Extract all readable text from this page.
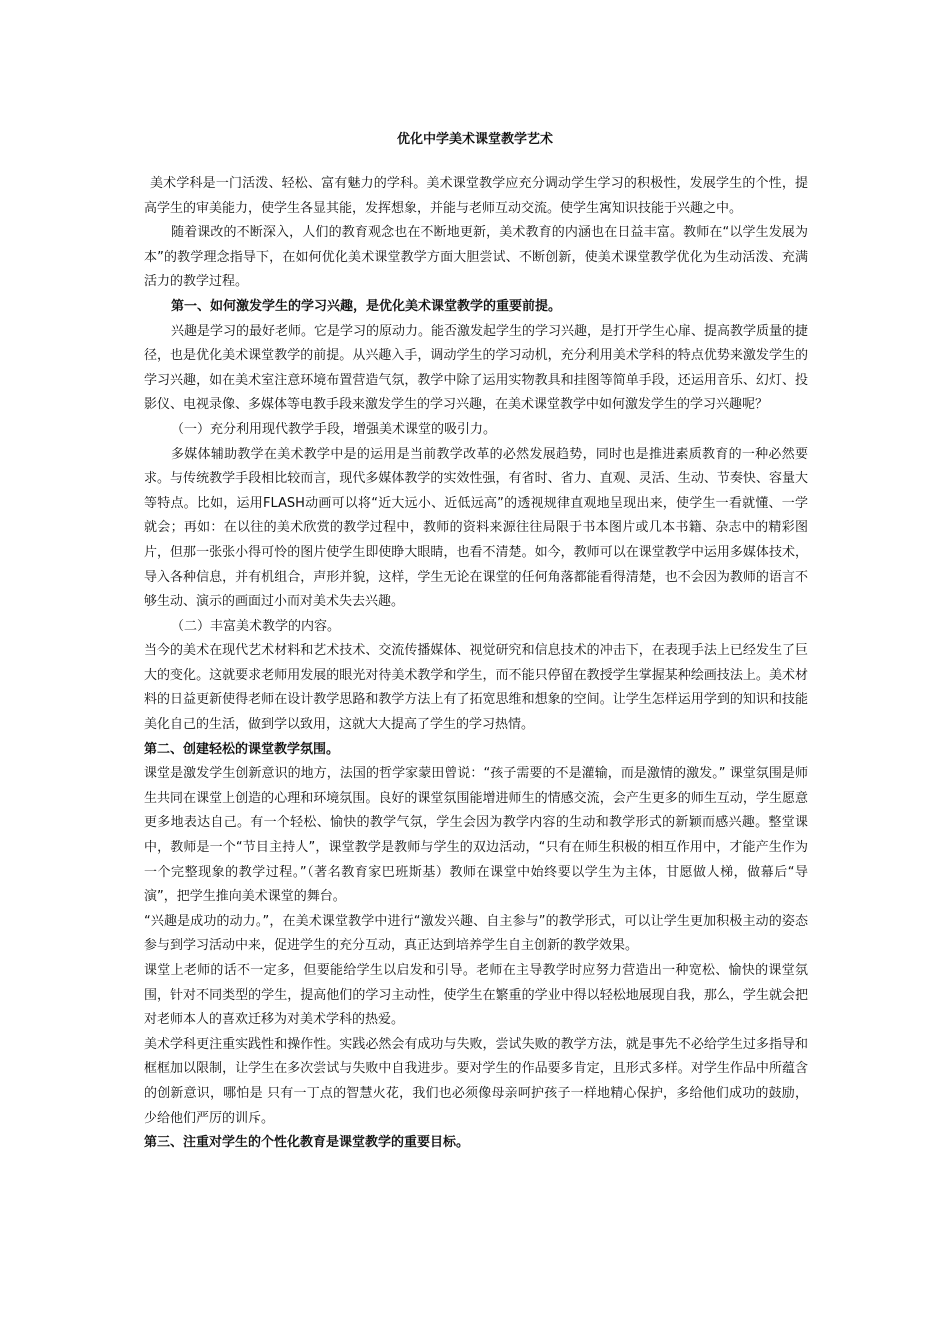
优化中学美术课堂教学艺术

美术学科是一门活泼、轻松、富有魅力的学科。美术课堂教学应充分调动学生学习的积极性，发展学生的个性，提高学生的审美能力，使学生各显其能，发挥想象，并能与老师互动交流。使学生寓知识技能于兴趣之中。

随着课改的不断深入，人们的教育观念也在不断地更新，美术教育的内涵也在日益丰富。教师在“以学生发展为本”的教学理念指导下，在如何优化美术课堂教学方面大胆尝试、不断创新，使美术课堂教学优化为生动活泼、充满活力的教学过程。

第一、如何激发学生的学习兴趣，是优化美术课堂教学的重要前提。

兴趣是学习的最好老师。它是学习的原动力。能否激发起学生的学习兴趣，是打开学生心扉、提高教学质量的捷径，也是优化美术课堂教学的前提。从兴趣入手，调动学生的学习动机，充分利用美术学科的特点优势来激发学生的学习兴趣，如在美术室注意环境布置营造气氛，教学中除了运用实物教具和挂图等简单手段，还运用音乐、幻灯、投影仪、电视录像、多媒体等电教手段来激发学生的学习兴趣，在美术课堂教学中如何激发学生的学习兴趣呢？

（一）充分利用现代教学手段，增强美术课堂的吸引力。

多媒体辅助教学在美术教学中是的运用是当前教学改革的必然发展趋势，同时也是推进素质教育的一种必然要求。与传统教学手段相比较而言，现代多媒体教学的实效性强，有省时、省力、直观、灵活、生动、节奏快、容量大等特点。比如，运用FLASH动画可以将“近大远小、近低远高”的透视规律直观地呈现出来，使学生一看就懂、一学就会；再如：在以往的美术欣赏的教学过程中，教师的资料来源往往局限于书本图片或几本书籍、杂志中的精彩图片，但那一张张小得可怜的图片使学生即使睁大眼睛，也看不清楚。如今，教师可以在课堂教学中运用多媒体技术，导入各种信息，并有机组合，声形并貌，这样，学生无论在课堂的任何角落都能看得清楚，也不会因为教师的语言不够生动、演示的画面过小而对美术失去兴趣。

（二）丰富美术教学的内容。

当今的美术在现代艺术材料和艺术技术、交流传播媒体、视觉研究和信息技术的冲击下，在表现手法上已经发生了巨大的变化。这就要求老师用发展的眼光对待美术教学和学生，而不能只停留在教授学生掌握某种绘画技法上。美术材料的日益更新使得老师在设计教学思路和教学方法上有了拓宽思维和想象的空间。让学生怎样运用学到的知识和技能美化自己的生活，做到学以致用，这就大大提高了学生的学习热情。

第二、创建轻松的课堂教学氛围。

课堂是激发学生创新意识的地方，法国的哲学家蒙田曾说：“孩子需要的不是灌输，而是激情的激发。” 课堂氛围是师生共同在课堂上创造的心理和环境氛围。良好的课堂氛围能增进师生的情感交流，会产生更多的师生互动，学生愿意更多地表达自己。有一个轻松、愉快的教学气氛，学生会因为教学内容的生动和教学形式的新颖而感兴趣。整堂课中，教师是一个“节目主持人”，课堂教学是教师与学生的双边活动，“只有在师生积极的相互作用中，才能产生作为一个完整现象的教学过程。”（著名教育家巴班斯基）教师在课堂中始终要以学生为主体，甘愿做人梯，做幕后“导演”，把学生推向美术课堂的舞台。

“兴趣是成功的动力。”，在美术课堂教学中进行“激发兴趣、自主参与”的教学形式，可以让学生更加积极主动的姿态参与到学习活动中来，促进学生的充分互动，真正达到培养学生自主创新的教学效果。

课堂上老师的话不一定多，但要能给学生以启发和引导。老师在主导教学时应努力营造出一种宽松、愉快的课堂氛围，针对不同类型的学生，提高他们的学习主动性，使学生在繁重的学业中得以轻松地展现自我，那么，学生就会把对老师本人的喜欢迁移为对美术学科的热爱。

美术学科更注重实践性和操作性。实践必然会有成功与失败，尝试失败的教学方法，就是事先不必给学生过多指导和框框加以限制，让学生在多次尝试与失败中自我进步。要对学生的作品要多肯定，且形式多样。对学生作品中所蕴含的创新意识，哪怕是 只有一丁点的智慧火花，我们也必须像母亲呵护孩子一样地精心保护，多给他们成功的鼓励，少给他们严厉的训斥。

第三、注重对学生的个性化教育是课堂教学的重要目标。
